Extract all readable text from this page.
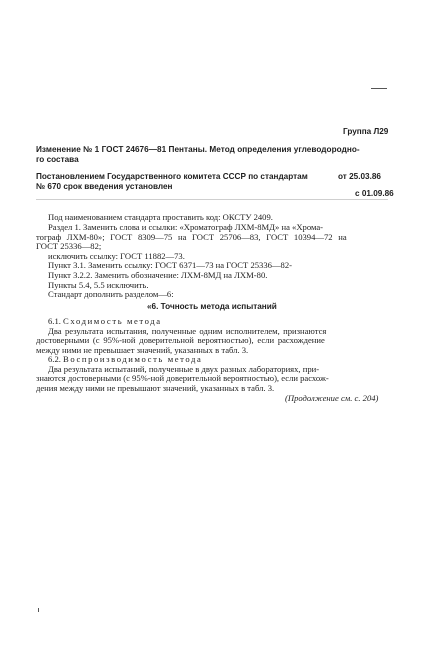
Группа Л29
Изменение № 1 ГОСТ 24676—81 Пентаны. Метод определения углеводородно-
го состава
Постановлением Государственного комитета СССР по стандартам	от 25.03.86
№ 670 срок введения установлен
с 01.09.86
Под наименованием стандарта проставить код: ОКСТУ 2409.
Раздел 1. Заменить слова и ссылки: «Хроматограф ЛХМ-8МД» на «Хрома-
тограф ЛХМ-80»; ГОСТ 8309—75 на ГОСТ 25706—83, ГОСТ 10394—72 на
ГОСТ 25336—82;
исключить ссылку: ГОСТ 11882—73.
Пункт 3.1. Заменить ссылку: ГОСТ 6371—73 на ГОСТ 25336—82-
Пункт 3.2.2. Заменить обозначение: ЛХМ-8МД на ЛХМ-80.
Пункты 5.4, 5.5 исключить.
Стандарт дополнить разделом—6:
«6. Точность метода испытаний
6.1. Сходимость метода
Два результата испытания, полученные одним исполнителем, признаются
достоверными (с 95%-ной доверительной вероятностью), если расхождение
между ними не превышает значений, указанных в табл. 3.
6.2. Воспроизводимость метода
Два результата испытаний, полученные в двух разных лабораториях, при-
знаются достоверными (с 95%-ной доверительной вероятностью), если расхож-
дения между ними не превышают значений, указанных в табл. 3.
(Продолжение см. с. 204)
